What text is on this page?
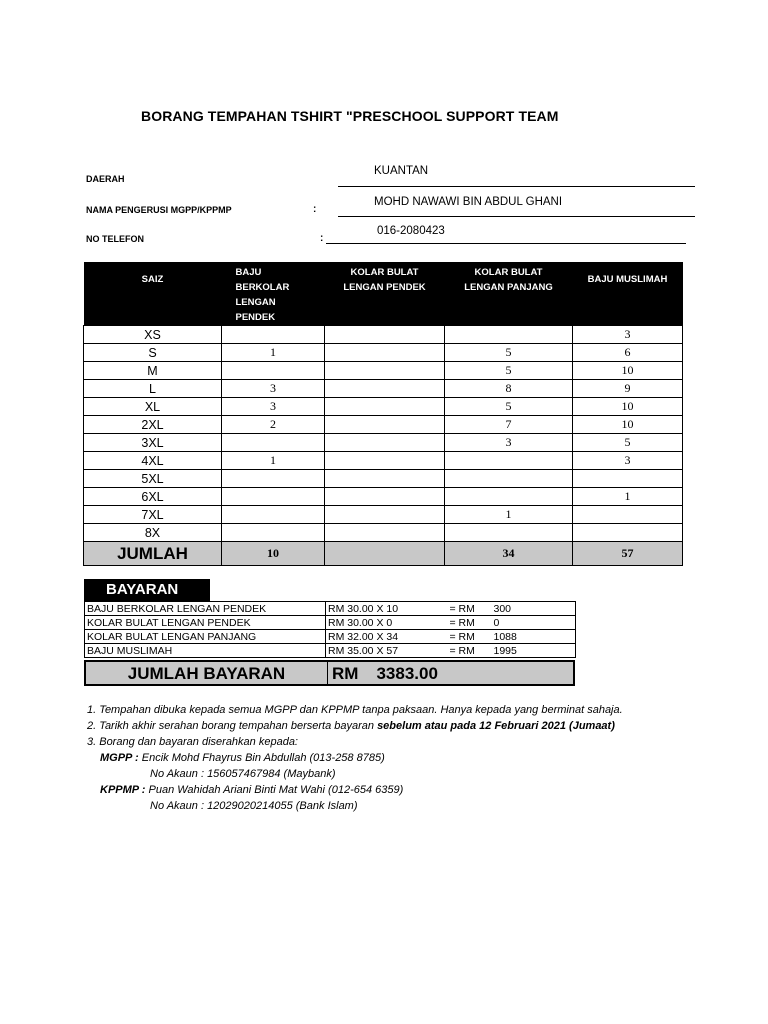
BORANG TEMPAHAN TSHIRT "PRESCHOOL SUPPORT TEAM
DAERAH
KUANTAN
NAMA PENGERUSI MGPP/KPPMP	:
MOHD NAWAWI BIN ABDUL GHANI
NO TELEFON	:
016-2080423
SAIZ	BAJU
BERKOLAR
LENGAN
PENDEK	KOLAR BULAT
LENGAN PENDEK	KOLAR BULAT
LENGAN PANJANG	BAJU MUSLIMAH

XS				3
S	1		5	6
M			5	10
L	3		8	9
XL	3		5	10
2XL	2		7	10
3XL			3	5
4XL	1			3
5XL				
6XL				1
7XL			1	
8X				
JUMLAH	10		34	57
BAYARAN
BAJU BERKOLAR LENGAN PENDEK	RM 30.00 X 10	= RM	300
KOLAR BULAT LENGAN PENDEK	RM 30.00 X 0	= RM	0
KOLAR BULAT LENGAN PANJANG	RM 32.00 X 34	= RM	1088
BAJU MUSLIMAH	RM 35.00 X 57	= RM	1995
JUMLAH BAYARAN	RM 3383.00
1. Tempahan dibuka kepada semua MGPP dan KPPMP tanpa paksaan. Hanya kepada yang berminat sahaja.
2. Tarikh akhir serahan borang tempahan berserta bayaran sebelum atau pada 12 Februari 2021 (Jumaat)
3. Borang dan bayaran diserahkan kepada:
MGPP : Encik Mohd Fhayrus Bin Abdullah (013-258 8785)
No Akaun : 156057467984 (Maybank)
KPPMP : Puan Wahidah Ariani Binti Mat Wahi (012-654 6359)
No Akaun : 12029020214055 (Bank Islam)
